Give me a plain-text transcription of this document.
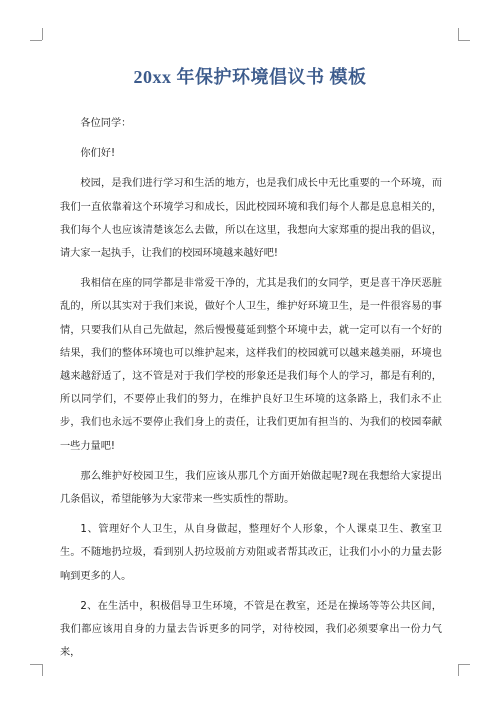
20xx 年保护环境倡议书 模板

各位同学：

你们好!

校园，是我们进行学习和生活的地方，也是我们成长中无比重要的一个环境，而我们一直依靠着这个环境学习和成长，因此校园环境和我们每个人都是息息相关的，我们每个人也应该清楚该怎么去做，所以在这里，我想向大家郑重的提出我的倡议，请大家一起执手，让我们的校园环境越来越好吧!

我相信在座的同学都是非常爱干净的，尤其是我们的女同学，更是喜干净厌恶脏乱的，所以其实对于我们来说，做好个人卫生，维护好环境卫生，是一件很容易的事情，只要我们从自己先做起，然后慢慢蔓延到整个环境中去，就一定可以有一个好的结果，我们的整体环境也可以维护起来，这样我们的校园就可以越来越美丽，环境也越来越舒适了，这不管是对于我们学校的形象还是我们每个人的学习，都是有利的，所以同学们，不要停止我们的努力，在维护良好卫生环境的这条路上，我们永不止步，我们也永远不要停止我们身上的责任，让我们更加有担当的、为我们的校园奉献一些力量吧!

那么维护好校园卫生，我们应该从那几个方面开始做起呢?现在我想给大家提出几条倡议，希望能够为大家带来一些实质性的帮助。

1、管理好个人卫生，从自身做起，整理好个人形象，个人课桌卫生、教室卫生。不随地扔垃圾，看到别人扔垃圾前方劝阻或者帮其改正，让我们小小的力量去影响到更多的人。

2、在生活中，积极倡导卫生环境，不管是在教室，还是在操场等等公共区间，我们都应该用自身的力量去告诉更多的同学，对待校园，我们必须要拿出一份力气来，
